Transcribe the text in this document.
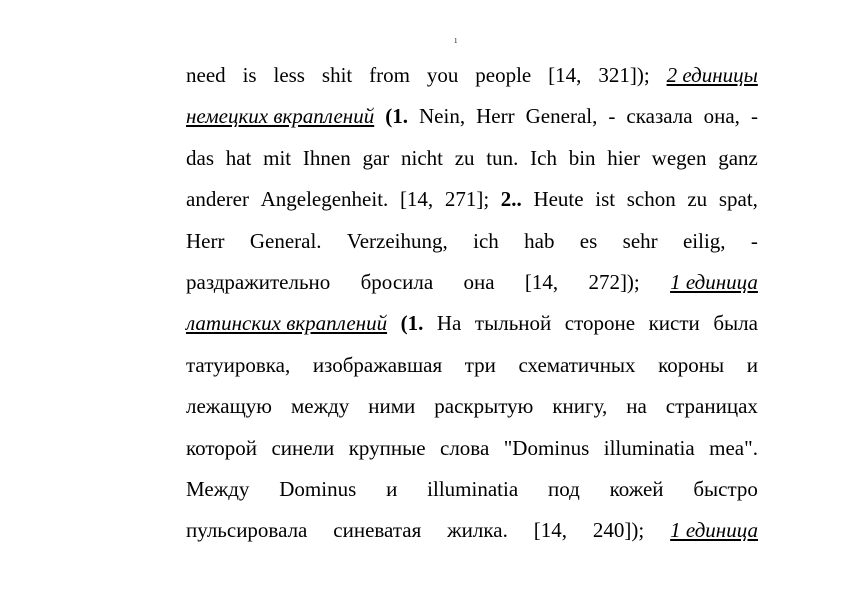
1
need is less shit from you people [14, 321]); 2 единицы
немецких вкраплений (1. Nein, Herr General, - сказала она, -
das hat mit Ihnen gar nicht zu tun. Ich bin hier wegen ganz
anderer Angelegenheit. [14, 271]; 2.. Heute ist schon zu spat,
Herr General. Verzeihung, ich hab es sehr eilig, -
раздражительно бросила она [14, 272]); 1 единица
латинских вкраплений (1. На тыльной стороне кисти была
татуировка, изображавшая три схематичных короны и
лежащую между ними раскрытую книгу, на страницах
которой синели крупные слова "Dominus illuminatia mea".
Между Dominus и illuminatia под кожей быстро
пульсировала синеватая жилка. [14, 240]); 1 единица
